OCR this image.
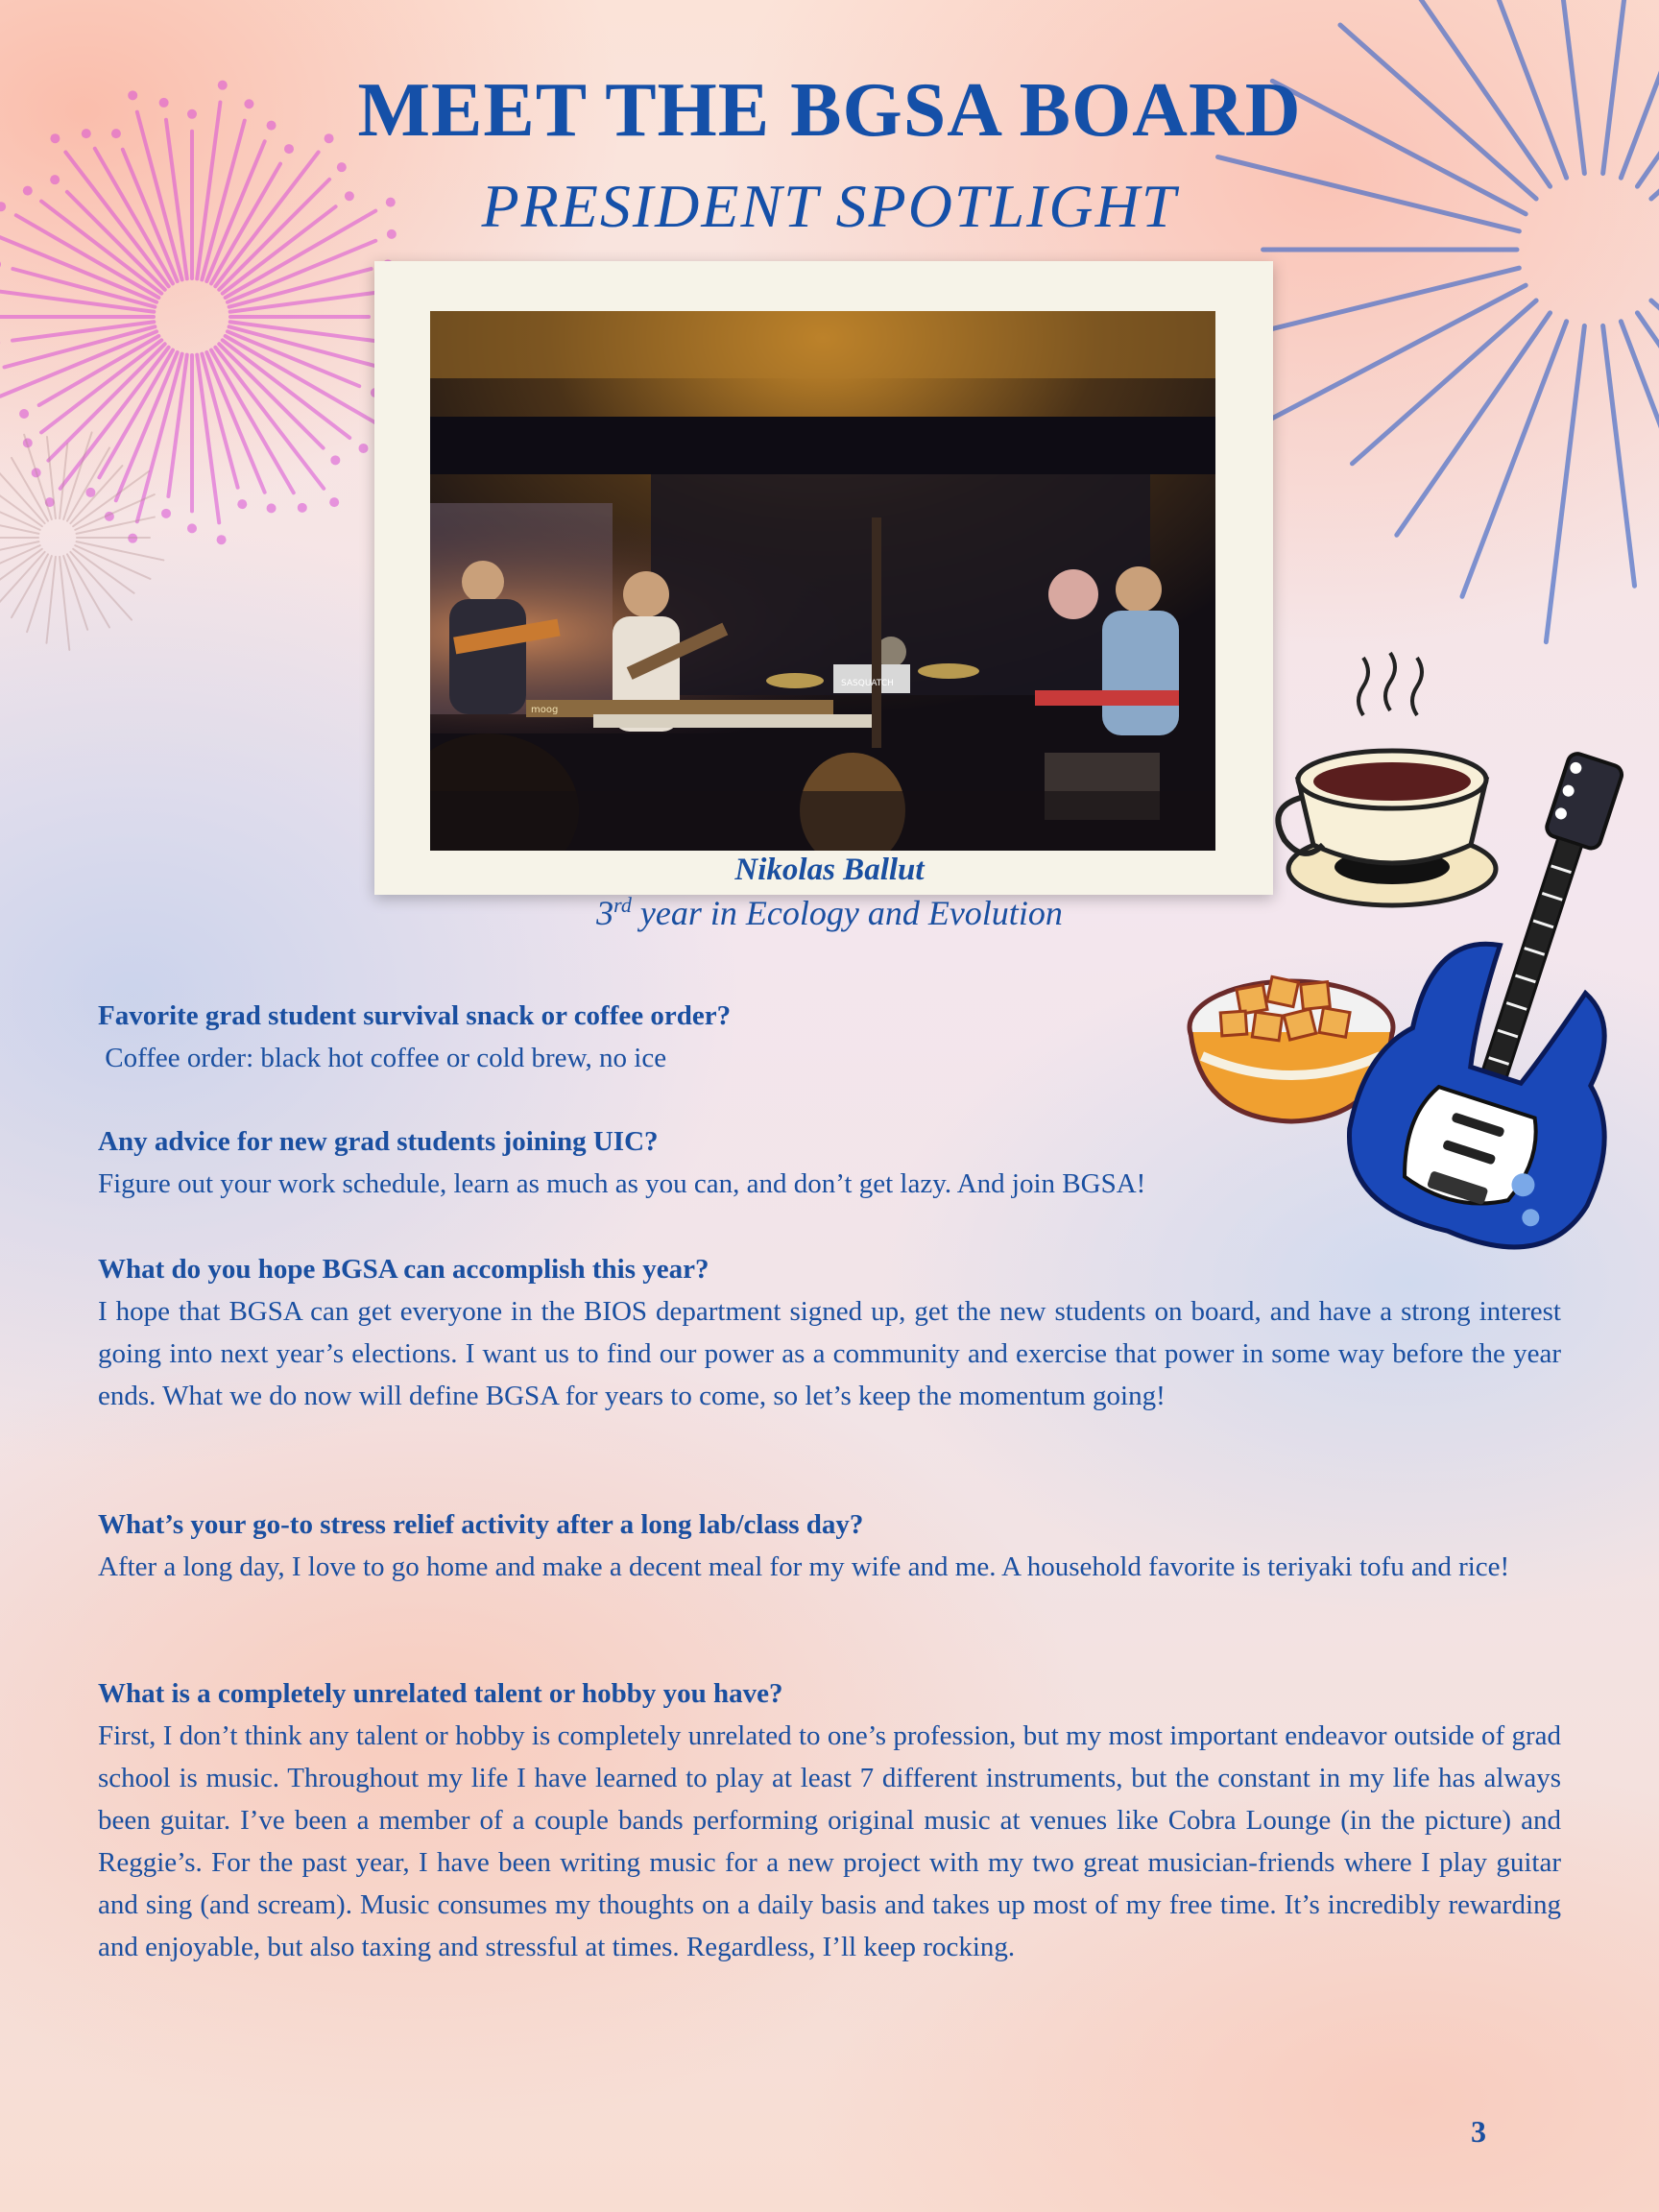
MEET THE BGSA BOARD
PRESIDENT SPOTLIGHT
SASQUATCH
moog
Nikolas Ballut
3rd year in Ecology and Evolution
Favorite grad student survival snack or coffee order?
Coffee order: black hot coffee or cold brew, no ice
Any advice for new grad students joining UIC?
Figure out your work schedule, learn as much as you can, and don’t get lazy. And join BGSA!
What do you hope BGSA can accomplish this year?
I hope that BGSA can get everyone in the BIOS department signed up, get the new students on board, and have a strong interest going into next year’s elections. I want us to find our power as a community and exercise that power in some way before the year ends. What we do now will define BGSA for years to come, so let’s keep the momentum going!
What’s your go-to stress relief activity after a long lab/class day?
After a long day, I love to go home and make a decent meal for my wife and me. A household favorite is teriyaki tofu and rice!
What is a completely unrelated talent or hobby you have?
First, I don’t think any talent or hobby is completely unrelated to one’s profession, but my most important endeavor outside of grad school is music. Throughout my life I have learned to play at least 7 different instruments, but the constant in my life has always been guitar. I’ve been a member of a couple bands performing original music at venues like Cobra Lounge (in the picture) and Reggie’s. For the past year, I have been writing music for a new project with my two great musician-friends where I play guitar and sing (and scream). Music consumes my thoughts on a daily basis and takes up most of my free time. It’s incredibly rewarding and enjoyable, but also taxing and stressful at times. Regardless, I’ll keep rocking.
3
